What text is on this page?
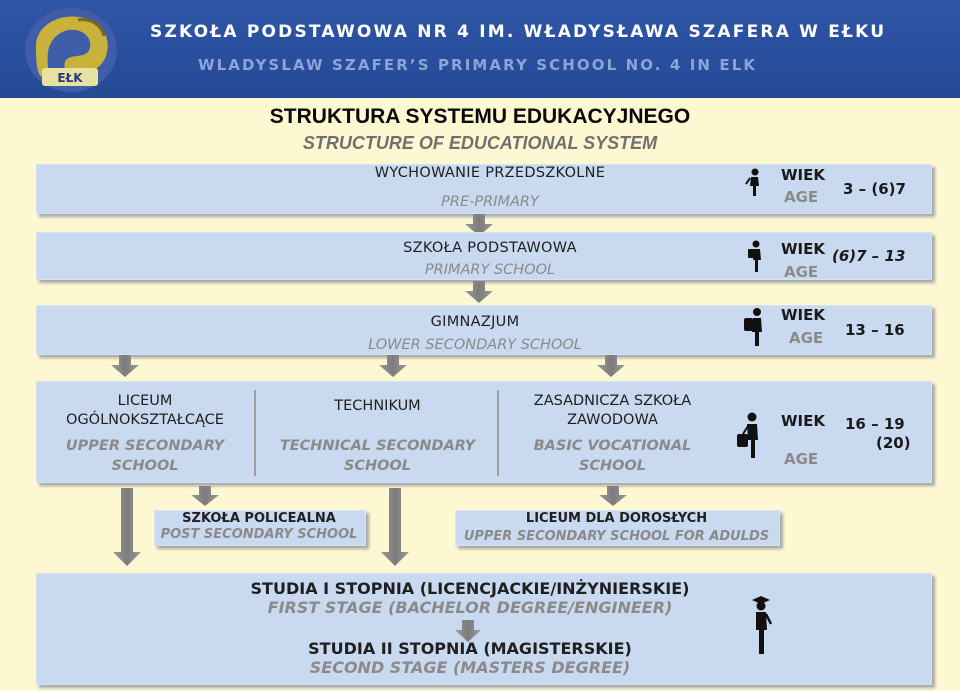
EŁK
SZKOŁA PODSTAWOWA NR 4 IM. WŁADYSŁAWA SZAFERA W EŁKU
WLADYSLAW SZAFER’S PRIMARY SCHOOL NO. 4 IN ELK
STRUKTURA SYSTEMU EDUKACYJNEGO
STRUCTURE OF EDUCATIONAL SYSTEM
WYCHOWANIE PRZEDSZKOLNE
PRE-PRIMARY
WIEK
AGE 3 – (6)7
SZKOŁA PODSTAWOWA
PRIMARY SCHOOL
WIEK
AGE
(6)7 – 13
GIMNAZJUM
LOWER SECONDARY SCHOOL
WIEK
AGE 13 – 16
LICEUM
OGÓLNOKSZTAŁCĄCE
UPPER SECONDARY
SCHOOL
TECHNIKUM
TECHNICAL SECONDARY
SCHOOL
ZASADNICZA SZKOŁA
ZAWODOWA
BASIC VOCATIONAL
SCHOOL
WIEK
AGE
16 – 19
(20)
SZKOŁA POLICEALNA
POST SECONDARY SCHOOL
LICEUM DLA DOROSŁYCH
UPPER SECONDARY SCHOOL FOR ADULDS
STUDIA I STOPNIA (LICENCJACKIE/INŻYNIERSKIE)
FIRST STAGE (BACHELOR DEGREE/ENGINEER)
STUDIA II STOPNIA (MAGISTERSKIE)
SECOND STAGE (MASTERS DEGREE)
